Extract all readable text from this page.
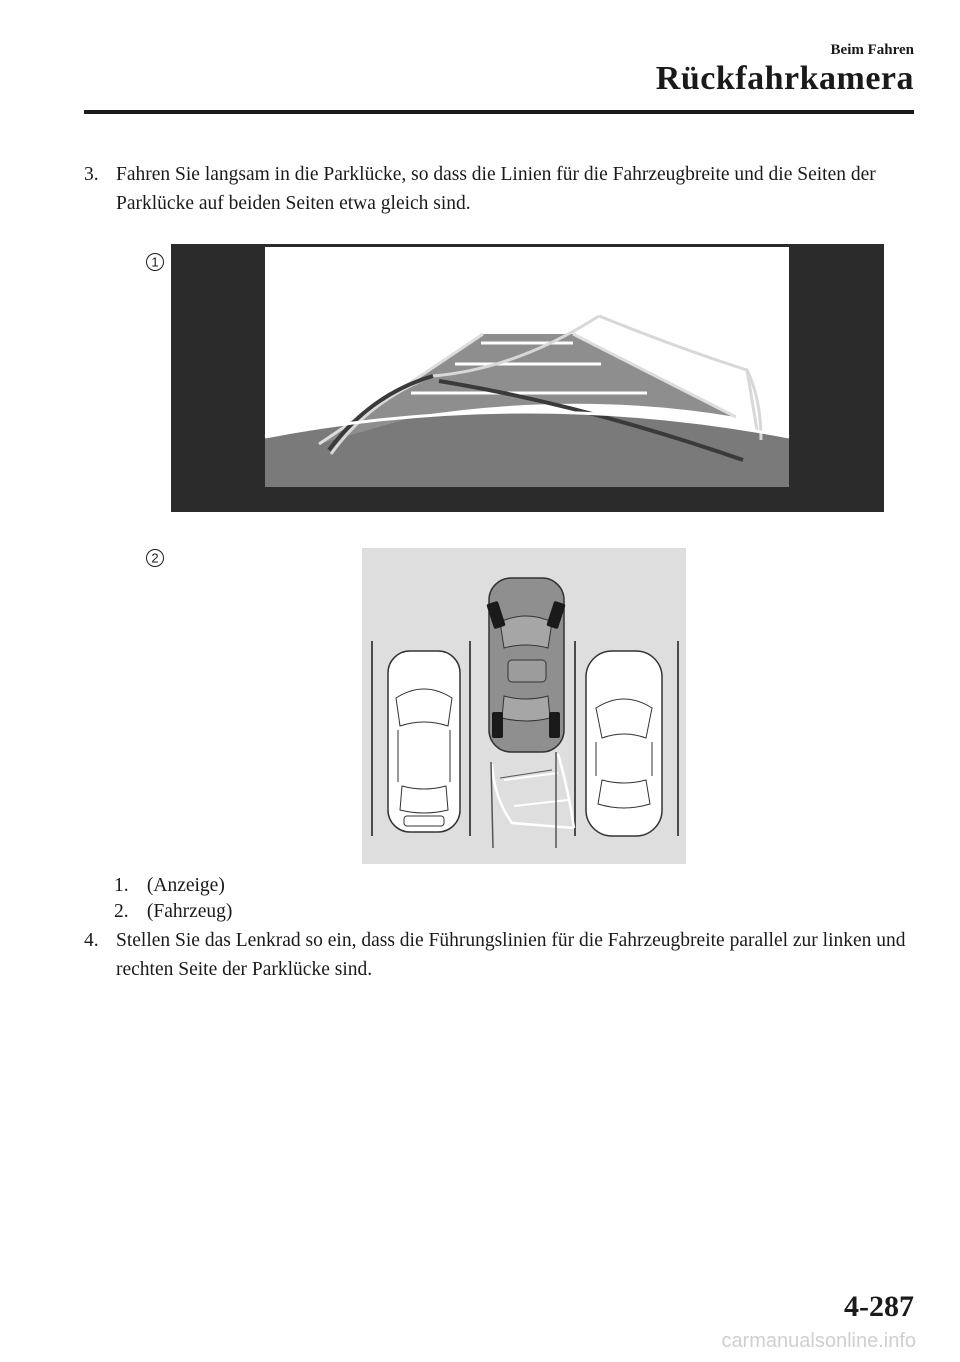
Beim Fahren
Rückfahrkamera
3. Fahren Sie langsam in die Parklücke, so dass die Linien für die Fahrzeugbreite und die Seiten der Parklücke auf beiden Seiten etwa gleich sind.
1
2
1. (Anzeige)
2. (Fahrzeug)
4. Stellen Sie das Lenkrad so ein, dass die Führungslinien für die Fahrzeugbreite parallel zur linken und rechten Seite der Parklücke sind.
4-287
carmanualsonline.info
